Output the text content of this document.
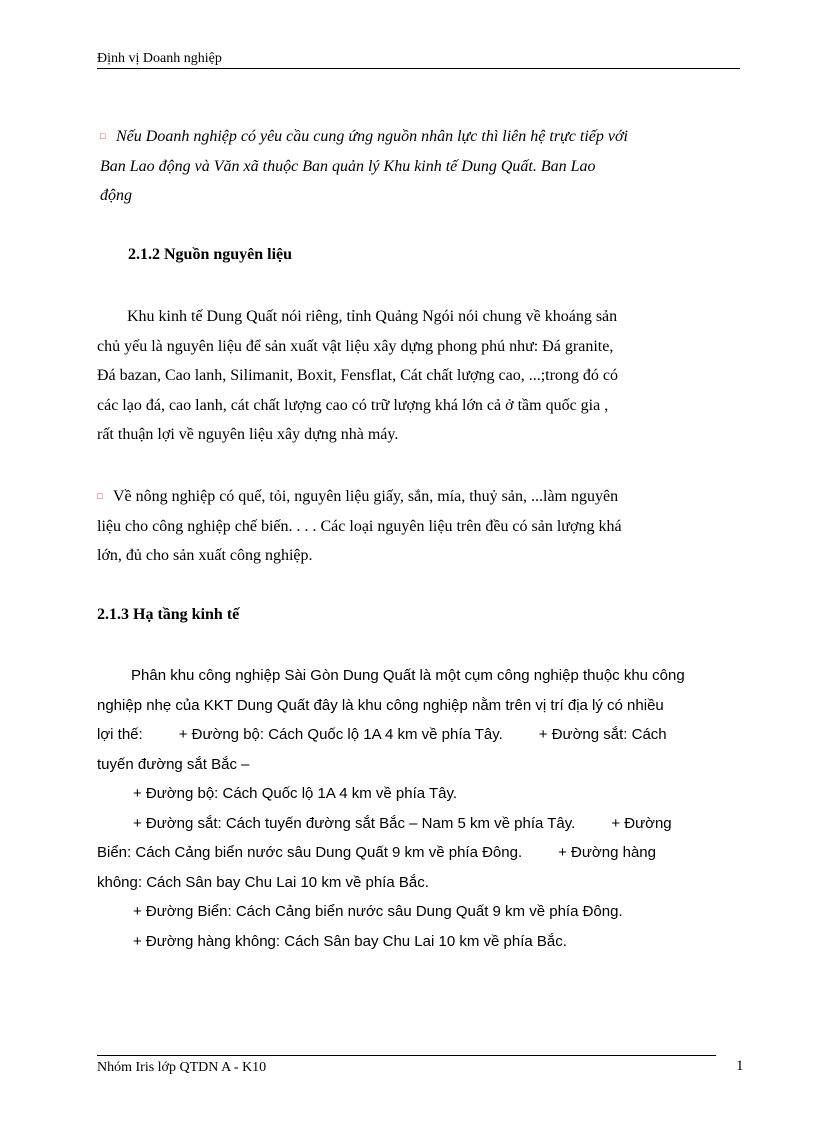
Định vị Doanh nghiệp
□ Nếu Doanh nghiệp có yêu cầu cung ứng nguồn nhân lực thì liên hệ trực tiếp với
Ban Lao động và Văn xã thuộc Ban quản lý Khu kinh tế Dung Quất. Ban Lao
động
2.1.2 Nguồn nguyên liệu
Khu kinh tế Dung Quất nói riêng, tỉnh Quảng Ngói nói chung về khoáng sản
chủ yếu là nguyên liệu để sản xuất vật liệu xây dựng phong phú như: Đá granite,
Đá bazan, Cao lanh, Silimanit, Boxit, Fensflat, Cát chất lượng cao, ...;trong đó có
các lạo đá, cao lanh, cát chất lượng cao có trữ lượng khá lớn cả ở tầm quốc gia ,
rất thuận lợi về nguyên liệu xây dựng nhà máy.
□ Về nông nghiệp có quế, tỏi, nguyên liệu giấy, sắn, mía, thuỷ sản, ...làm nguyên
liệu cho công nghiệp chế biến. . . . Các loại nguyên liệu trên đều có sản lượng khá
lớn, đủ cho sản xuất công nghiệp.
2.1.3 Hạ tầng kinh tế
Phân khu công nghiệp Sài Gòn Dung Quất là một cụm công nghiệp thuộc khu công
nghiệp nhẹ của KKT Dung Quất đây là khu công nghiệp nằm trên vị trí địa lý có nhiều
lợi thế: + Đường bộ: Cách Quốc lộ 1A 4 km về phía Tây. + Đường sắt: Cách
tuyến đường sắt Bắc –
+ Đường bộ: Cách Quốc lộ 1A 4 km về phía Tây.
+ Đường sắt: Cách tuyến đường sắt Bắc – Nam 5 km về phía Tây. + Đường
Biển: Cách Cảng biển nước sâu Dung Quất 9 km về phía Đông. + Đường hàng
không: Cách Sân bay Chu Lai 10 km về phía Bắc.
+ Đường Biển: Cách Cảng biển nước sâu Dung Quất 9 km về phía Đông.
+ Đường hàng không: Cách Sân bay Chu Lai 10 km về phía Bắc.
Nhóm Iris lớp QTDN A - K10	1
